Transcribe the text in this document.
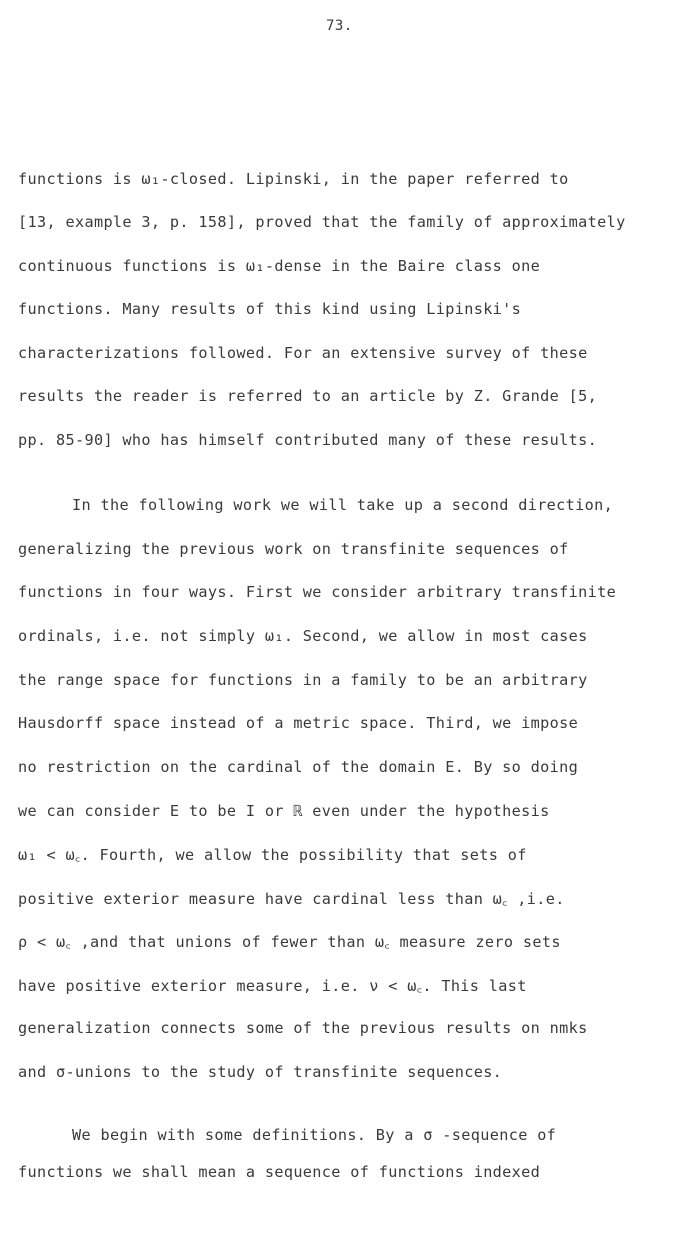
73.
functions is ω₁-closed. Lipinski, in the paper referred to
[13, example 3, p. 158], proved that the family of approximately
continuous functions is ω₁-dense in the Baire class one
functions. Many results of this kind using Lipinski's
characterizations followed. For an extensive survey of these
results the reader is referred to an article by Z. Grande [5,
pp. 85-90] who has himself contributed many of these results.
In the following work we will take up a second direction,
generalizing the previous work on transfinite sequences of
functions in four ways. First we consider arbitrary transfinite
ordinals, i.e. not simply ω₁. Second, we allow in most cases
the range space for functions in a family to be an arbitrary
Hausdorff space instead of a metric space. Third, we impose
no restriction on the cardinal of the domain E. By so doing
we can consider E to be I or ℝ even under the hypothesis
ω₁ < ω꜀. Fourth, we allow the possibility that sets of
positive exterior measure have cardinal less than ω꜀ ,i.e.
ρ < ω꜀ ,and that unions of fewer than ω꜀ measure zero sets
have positive exterior measure, i.e. ν < ω꜀. This last
generalization connects some of the previous results on nmks
and σ-unions to the study of transfinite sequences.
We begin with some definitions. By a σ -sequence of
functions we shall mean a sequence of functions indexed
